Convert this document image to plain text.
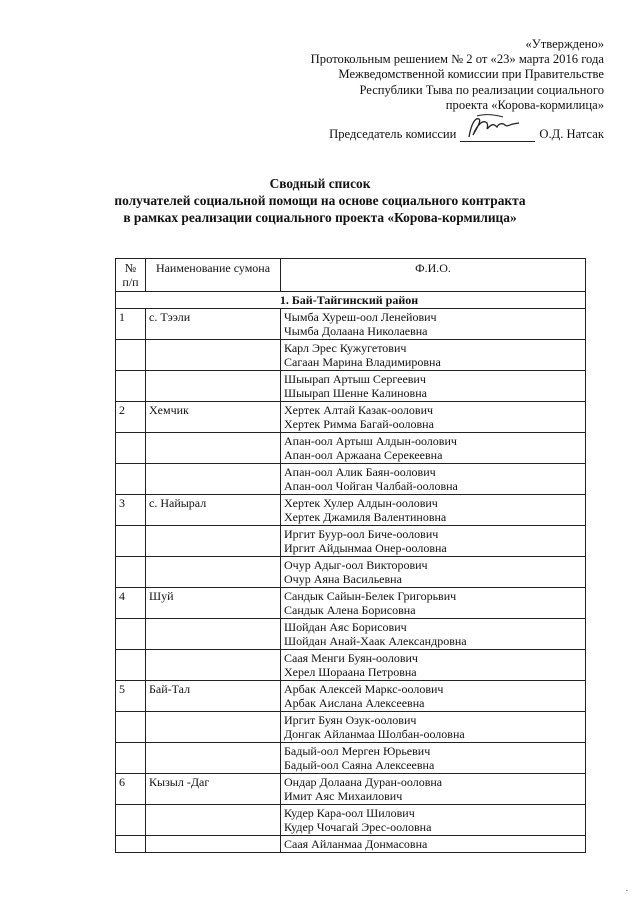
«Утверждено»
Протокольным решением № 2 от «23» марта 2016 года
Межведомственной комиссии при Правительстве
Республики Тыва по реализации социального
проекта «Корова-кормилица»
Председатель комиссии	О.Д. Натсак
Сводный список
получателей социальной помощи на основе социального контракта
в рамках реализации социального проекта «Корова-кормилица»
№ п/п	Наименование сумона	Ф.И.О.
1. Бай-Тайгинский район		
1	с. Тээли	Чымба Хуреш-оол Ленейович
Чымба Долаана Николаевна

		Карл Эрес Кужугетович
Сагаан Марина Владимировна

		Шыырап Артыш Сергеевич
Шыырап Шенне Калиновна

2	Хемчик	Хертек Алтай Казак-оолович
Хертек Римма Багай-ооловна

		Апан-оол Артыш Алдын-оолович
Апан-оол Аржаана Серекеевна

		Апан-оол Алик Баян-оолович
Апан-оол Чойган Чалбай-ооловна

3	с. Найырал	Хертек Хулер Алдын-оолович
Хертек Джамиля Валентиновна

		Иргит Буур-оол Биче-оолович
Иргит Айдынмаа Онер-ооловна

		Очур Адыг-оол Викторович
Очур Аяна Васильевна

4	Шуй	Сандык Сайын-Белек Григорьвич
Сандык Алена Борисовна

		Шойдан Аяс Борисович
Шойдан Анай-Хаак Александровна

		Саая Менги Буян-оолович
Херел Шораана Петровна

5	Бай-Тал	Арбак Алексей Маркс-оолович
Арбак Аислана Алексеевна

		Иргит Буян Озук-оолович
Донгак Айланмаа Шолбан-ооловна

		Бадый-оол Мерген Юрьевич
Бадый-оол Саяна Алексеевна

6	Кызыл -Даг	Ондар Долаана Дуран-ооловна
Имит Аяс Михаилович

		Кудер Кара-оол Шилович
Кудер Чочагай Эрес-ооловна

		Саая Айланмаа Донмасовна
.
